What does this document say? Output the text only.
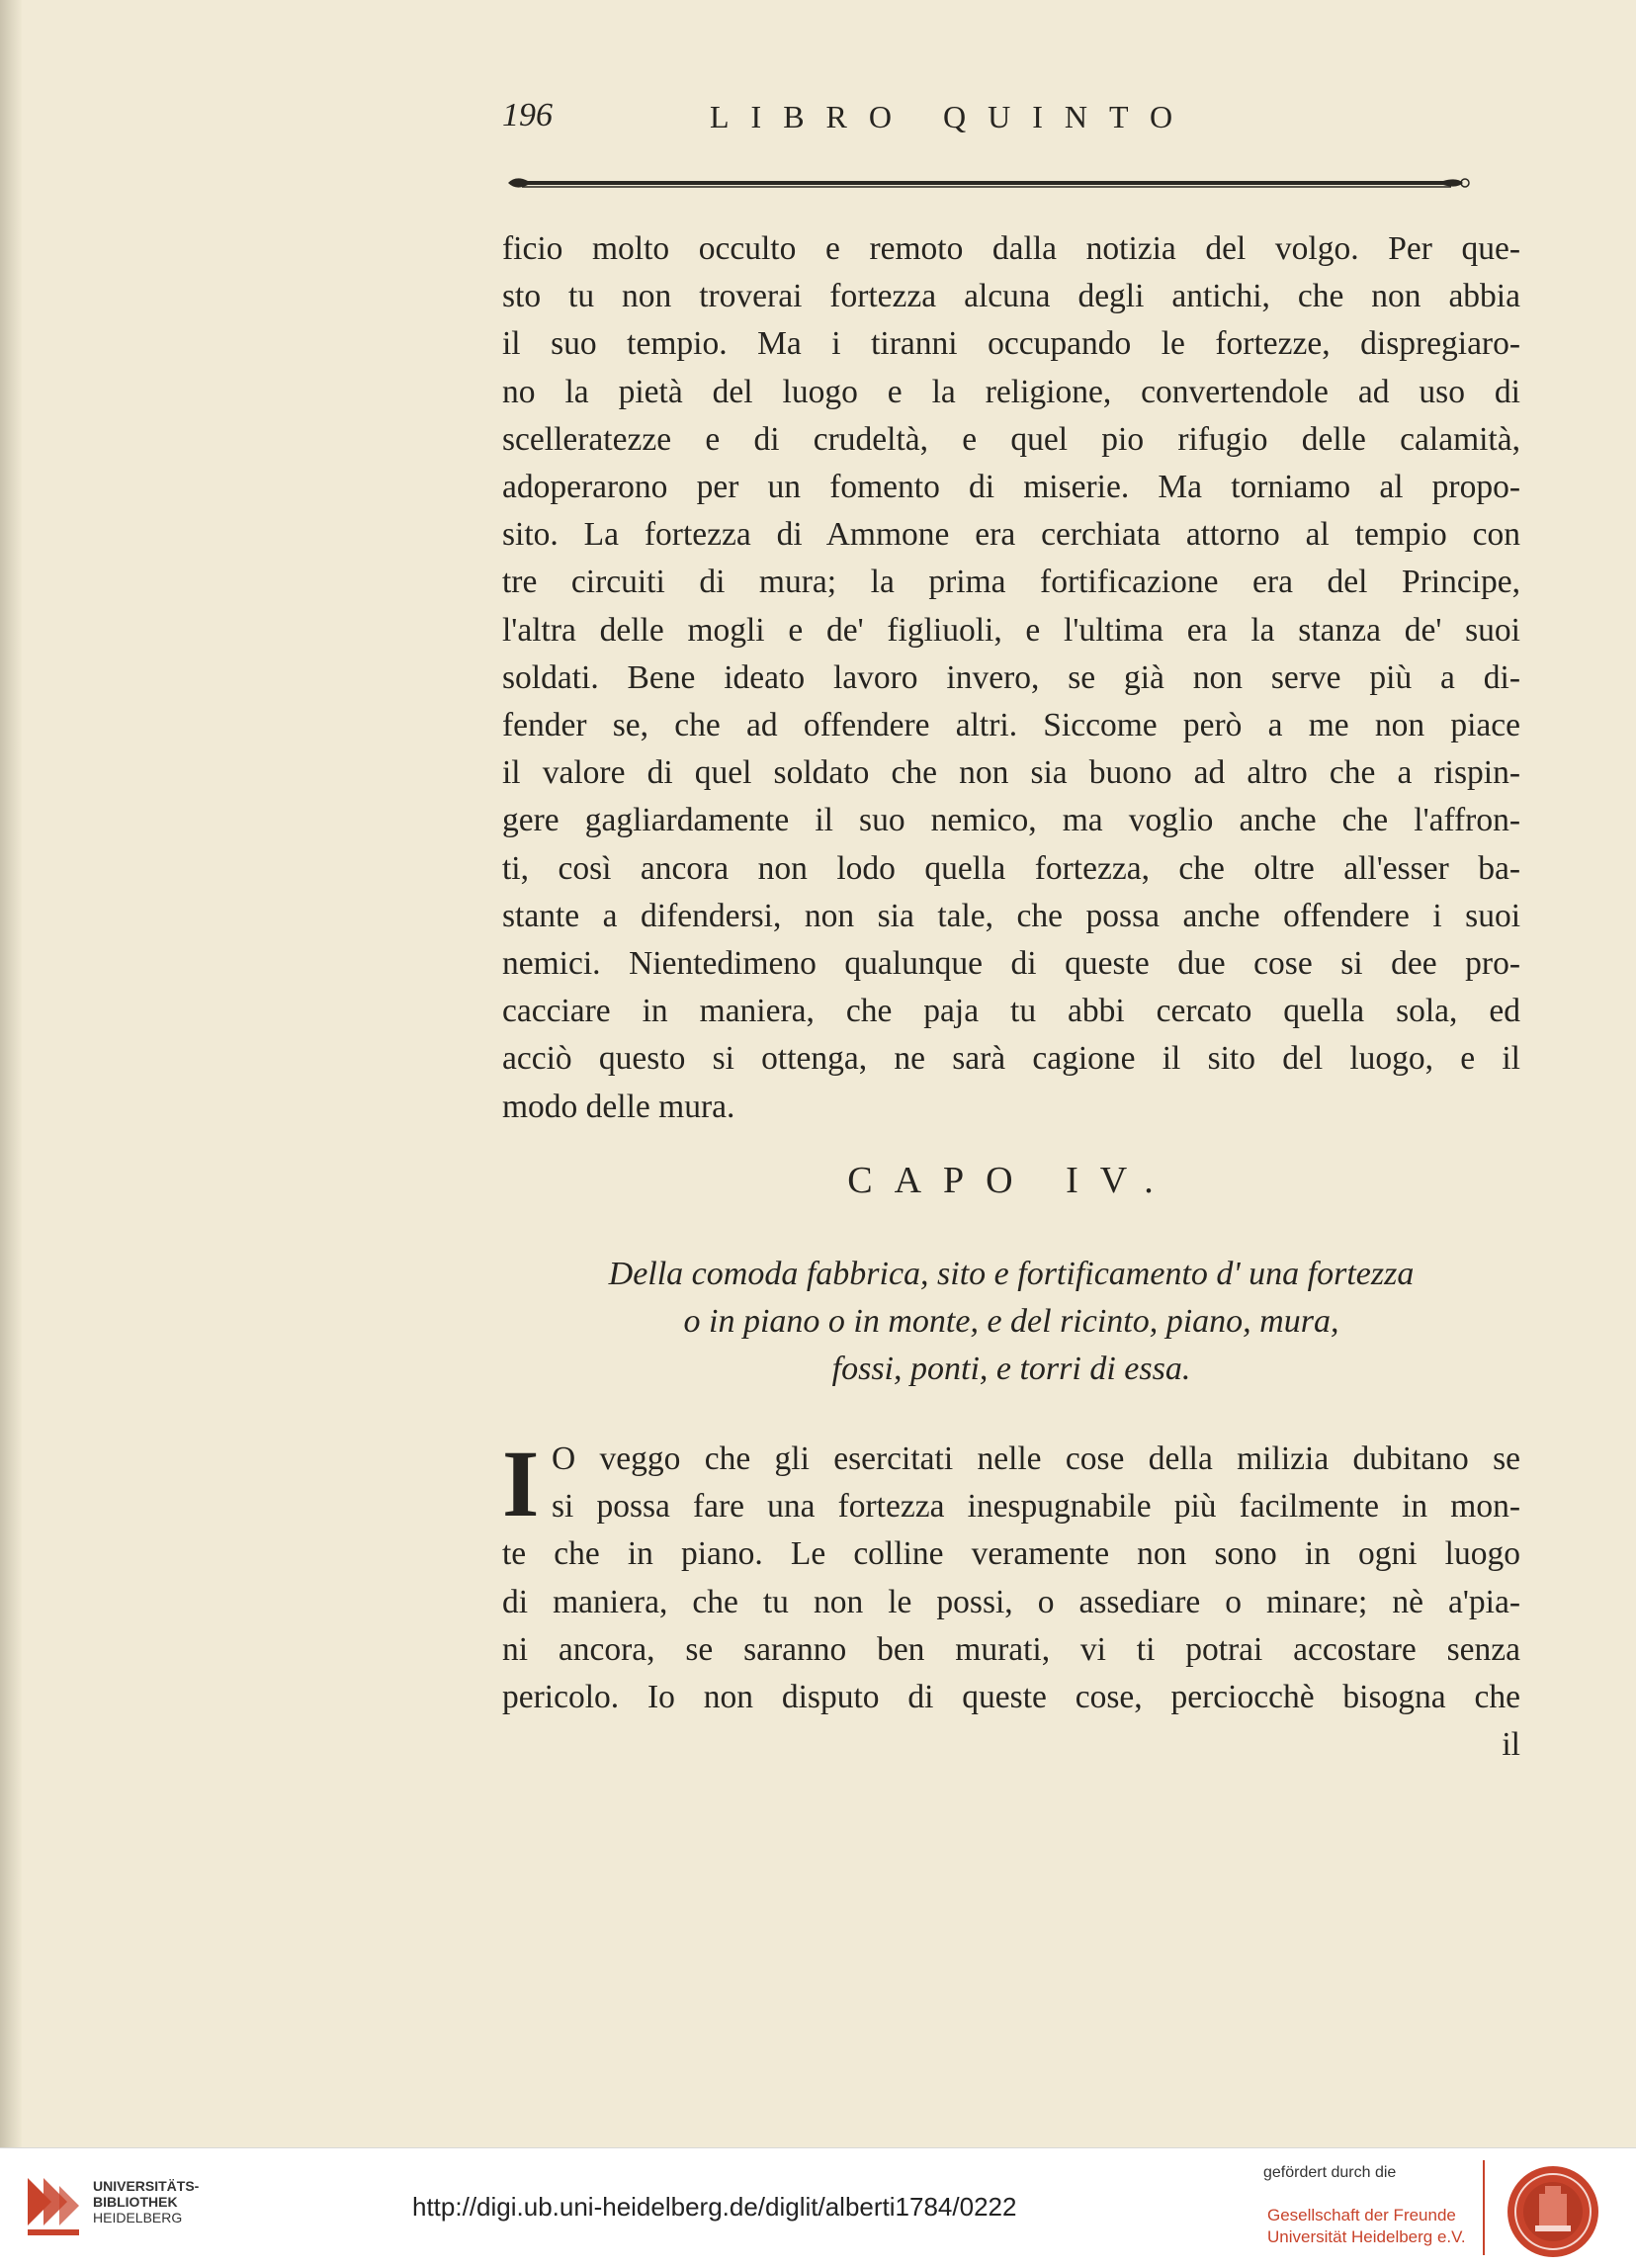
196	LIBRO QUINTO
ficio molto occulto e remoto dalla notizia del volgo. Per que-
sto tu non troverai fortezza alcuna degli antichi, che non abbia
il suo tempio. Ma i tiranni occupando le fortezze, dispregiaro-
no la pietà del luogo e la religione, convertendole ad uso di
scelleratezze e di crudeltà, e quel pio rifugio delle calamità,
adoperarono per un fomento di miserie. Ma torniamo al propo-
sito. La fortezza di Ammone era cerchiata attorno al tempio con
tre circuiti di mura; la prima fortificazione era del Principe,
l'altra delle mogli e de' figliuoli, e l'ultima era la stanza de' suoi
soldati. Bene ideato lavoro invero, se già non serve più a di-
fender se, che ad offendere altri. Siccome però a me non piace
il valore di quel soldato che non sia buono ad altro che a rispin-
gere gagliardamente il suo nemico, ma voglio anche che l'affron-
ti, così ancora non lodo quella fortezza, che oltre all'esser ba-
stante a difendersi, non sia tale, che possa anche offendere i suoi
nemici. Nientedimeno qualunque di queste due cose si dee pro-
cacciare in maniera, che paja tu abbi cercato quella sola, ed
acciò questo si ottenga, ne sarà cagione il sito del luogo, e il
modo delle mura.
CAPO IV.
Della comoda fabbrica, sito e fortificamento d' una fortezza
o in piano o in monte, e del ricinto, piano, mura,
fossi, ponti, e torri di essa.
I O veggo che gli esercitati nelle cose della milizia dubitano se
si possa fare una fortezza inespugnabile più facilmente in mon-
te che in piano. Le colline veramente non sono in ogni luogo
di maniera, che tu non le possi, o assediare o minare; nè a'pia-
ni ancora, se saranno ben murati, vi ti potrai accostare senza
pericolo. Io non disputo di queste cose, perciocchè bisogna che
il
UNIVERSITÄTS-
BIBLIOTHEK
HEIDELBERG	http://digi.ub.uni-heidelberg.de/diglit/alberti1784/0222
gefördert durch die
Gesellschaft der Freunde
Universität Heidelberg e.V.
